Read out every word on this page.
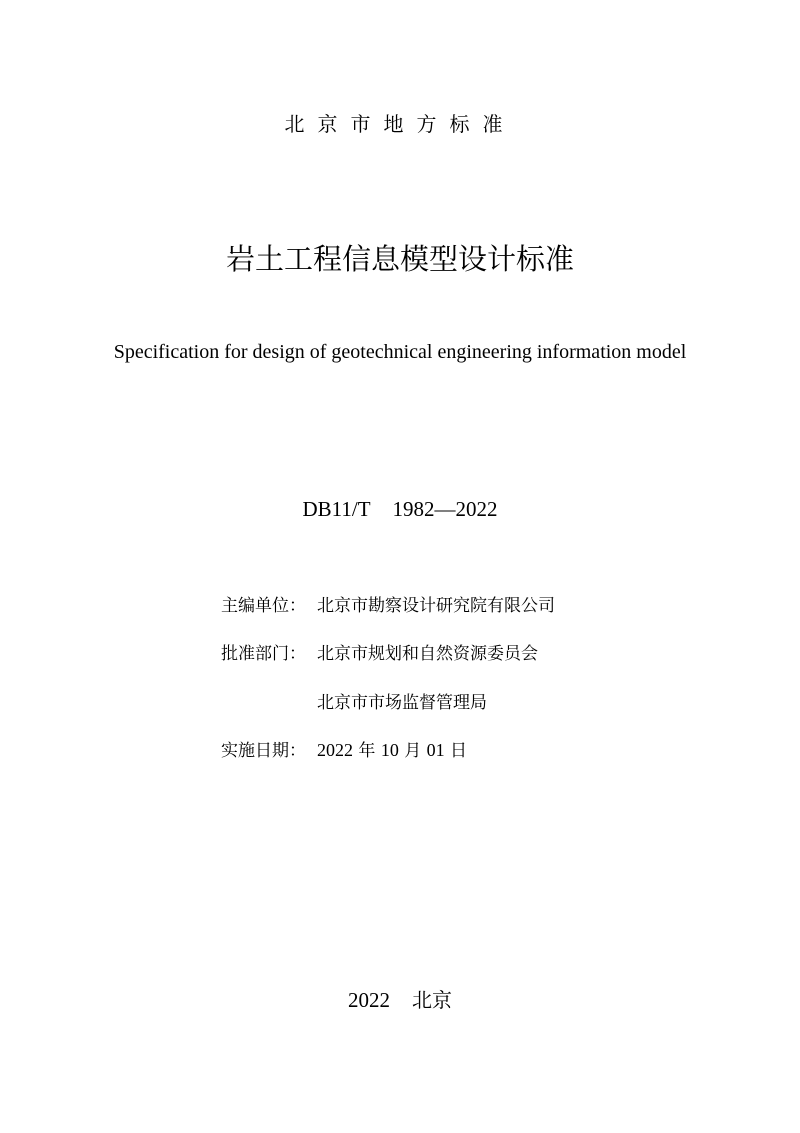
北京市地方标准
岩土工程信息模型设计标准
Specification for design of geotechnical engineering information model
DB11/T 1982—2022
主编单位： 北京市勘察设计研究院有限公司
批准部门： 北京市规划和自然资源委员会
北京市市场监督管理局
实施日期： 2022 年 10 月 01 日
2022 北京
